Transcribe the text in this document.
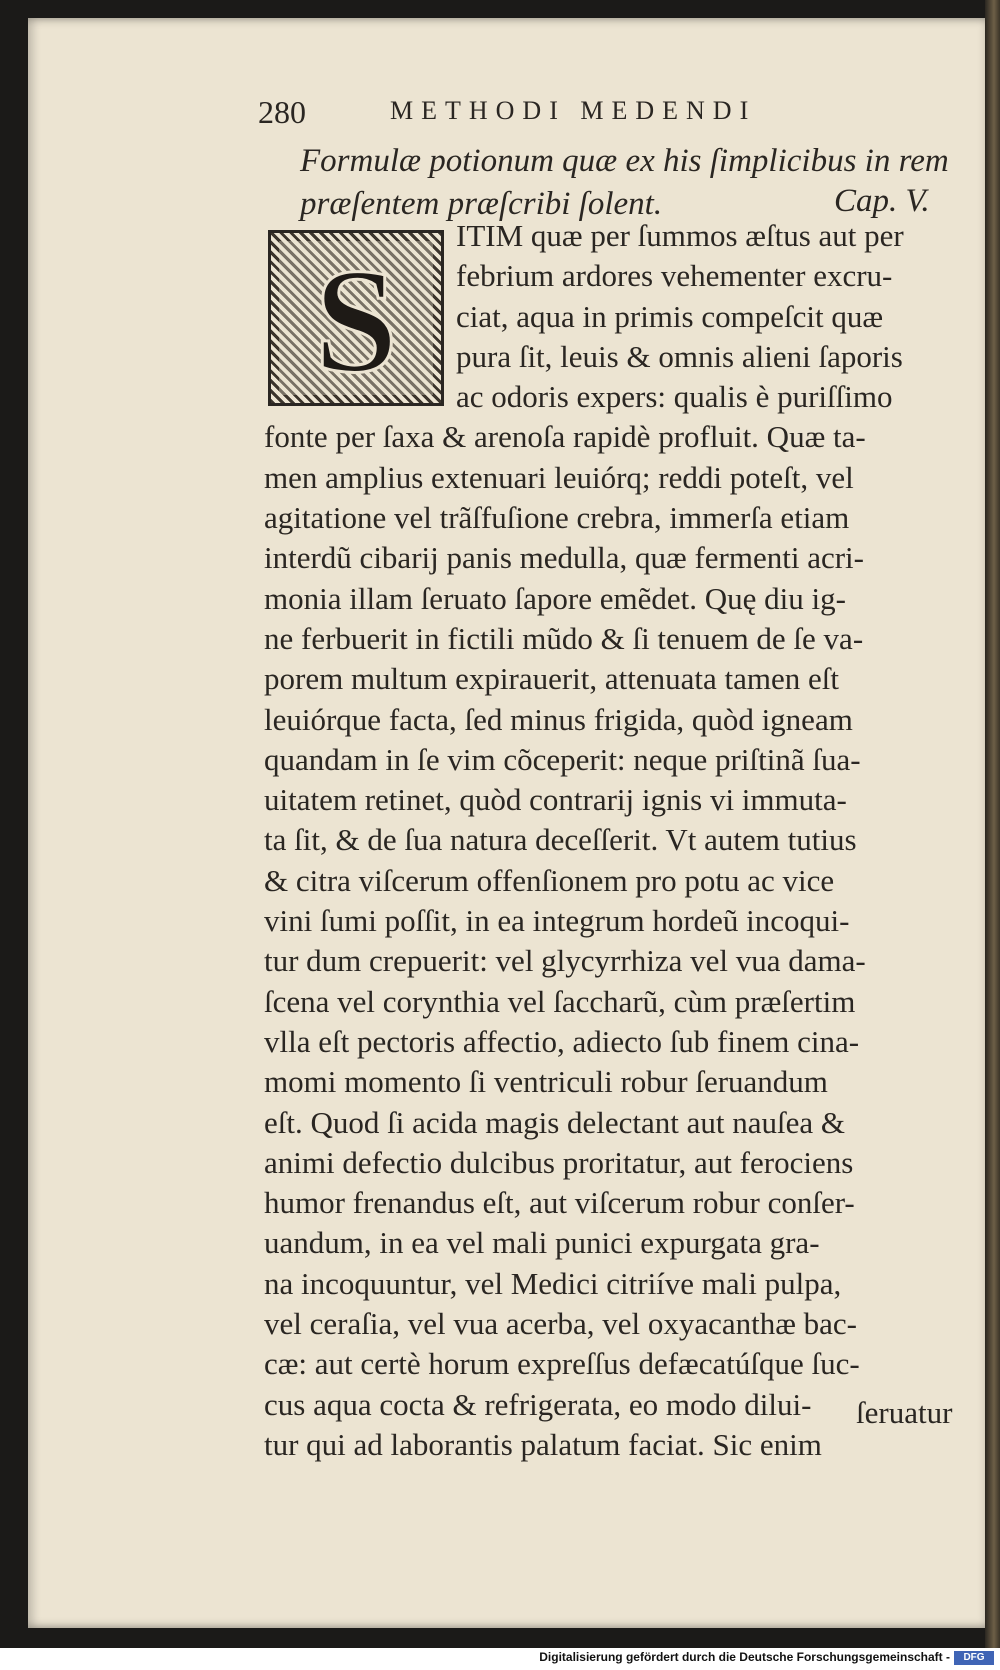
280	METHODI MEDENDI
Formulæ potionum quæ ex his ſimplicibus in rem præſentem præſcribi ſolent.	Cap. V.
S
ITIM quæ per ſummos æſtus aut per
febrium ardores vehementer excru-
ciat, aqua in primis compeſcit quæ
pura ſit, leuis & omnis alieni ſaporis
ac odoris expers: qualis è puriſſimo
fonte per ſaxa & arenoſa rapidè profluit. Quæ ta-
men amplius extenuari leuiórq; reddi poteſt, vel
agitatione vel trãſfuſione crebra, immerſa etiam
interdũ cibarij panis medulla, quæ fermenti acri-
monia illam ſeruato ſapore emẽdet. Quę diu ig-
ne ferbuerit in fictili mũdo & ſi tenuem de ſe va-
porem multum expirauerit, attenuata tamen eſt
leuiórque facta, ſed minus frigida, quòd igneam
quandam in ſe vim cõceperit: neque priſtinã ſua-
uitatem retinet, quòd contrarij ignis vi immuta-
ta ſit, & de ſua natura deceſſerit. Vt autem tutius
& citra viſcerum offenſionem pro potu ac vice
vini ſumi poſſit, in ea integrum hordeũ incoqui-
tur dum crepuerit: vel glycyrrhiza vel vua dama-
ſcena vel corynthia vel ſaccharũ, cùm præſertim
vlla eſt pectoris affectio, adiecto ſub finem cina-
momi momento ſi ventriculi robur ſeruandum
eſt. Quod ſi acida magis delectant aut nauſea &
animi defectio dulcibus proritatur, aut ferociens
humor frenandus eſt, aut viſcerum robur conſer-
uandum, in ea vel mali punici expurgata gra-
na incoquuntur, vel Medici citriíve mali pulpa,
vel ceraſia, vel vua acerba, vel oxyacanthæ bac-
cæ: aut certè horum expreſſus defæcatúſque ſuc-
cus aqua cocta & refrigerata, eo modo dilui-
tur qui ad laborantis palatum faciat. Sic enim
ſeruatur
Digitalisierung gefördert durch die Deutsche Forschungsgemeinschaft -	DFG
